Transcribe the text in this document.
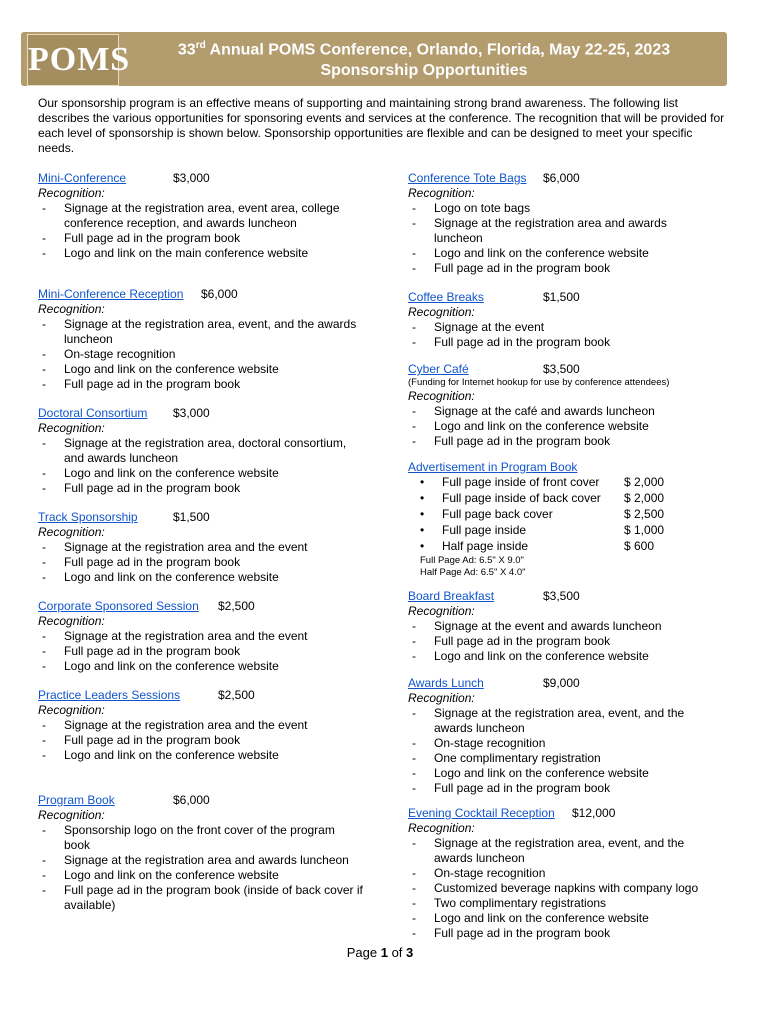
POMS	33rd Annual POMS Conference, Orlando, Florida, May 22-25, 2023
Sponsorship Opportunities
Our sponsorship program is an effective means of supporting and maintaining strong brand awareness. The following list describes the various opportunities for sponsoring events and services at the conference. The recognition that will be provided for each level of sponsorship is shown below. Sponsorship opportunities are flexible and can be designed to meet your specific needs.
Mini-Conference	$3,000
Recognition:
- Signage at the registration area, event area, college conference reception, and awards luncheon
- Full page ad in the program book
- Logo and link on the main conference website
Mini-Conference Reception $6,000
Recognition:
- Signage at the registration area, event, and the awards luncheon
- On-stage recognition
- Logo and link on the conference website
- Full page ad in the program book
Doctoral Consortium $3,000
Recognition:
- Signage at the registration area, doctoral consortium, and awards luncheon
- Logo and link on the conference website
- Full page ad in the program book
Track Sponsorship	$1,500
Recognition:
- Signage at the registration area and the event
- Full page ad in the program book
- Logo and link on the conference website
Corporate Sponsored Session $2,500
Recognition:
- Signage at the registration area and the event
- Full page ad in the program book
- Logo and link on the conference website
Practice Leaders Sessions	$2,500
Recognition:
- Signage at the registration area and the event
- Full page ad in the program book
- Logo and link on the conference website
Program Book	$6,000
Recognition:
- Sponsorship logo on the front cover of the program book
- Signage at the registration area and awards luncheon
- Logo and link on the conference website
- Full page ad in the program book (inside of back cover if available)
Conference Tote Bags $6,000
Recognition:
- Logo on tote bags
- Signage at the registration area and awards luncheon
- Logo and link on the conference website
- Full page ad in the program book
Coffee Breaks	$1,500
Recognition:
- Signage at the event
- Full page ad in the program book
Cyber Café	$3,500
(Funding for Internet hookup for use by conference attendees)
Recognition:
- Signage at the café and awards luncheon
- Logo and link on the conference website
- Full page ad in the program book
Advertisement in Program Book
• Full page inside of front cover $ 2,000
• Full page inside of back cover $ 2,000
• Full page back cover	$ 2,500
• Full page inside	$ 1,000
• Half page inside	$ 600
Full Page Ad: 6.5" X 9.0"
Half Page Ad: 6.5" X 4.0"
Board Breakfast	$3,500
Recognition:
- Signage at the event and awards luncheon
- Full page ad in the program book
- Logo and link on the conference website
Awards Lunch	$9,000
Recognition:
- Signage at the registration area, event, and the awards luncheon
- On-stage recognition
- One complimentary registration
- Logo and link on the conference website
- Full page ad in the program book
Evening Cocktail Reception $12,000
Recognition:
- Signage at the registration area, event, and the awards luncheon
- On-stage recognition
- Customized beverage napkins with company logo
- Two complimentary registrations
- Logo and link on the conference website
- Full page ad in the program book
Page 1 of 3
